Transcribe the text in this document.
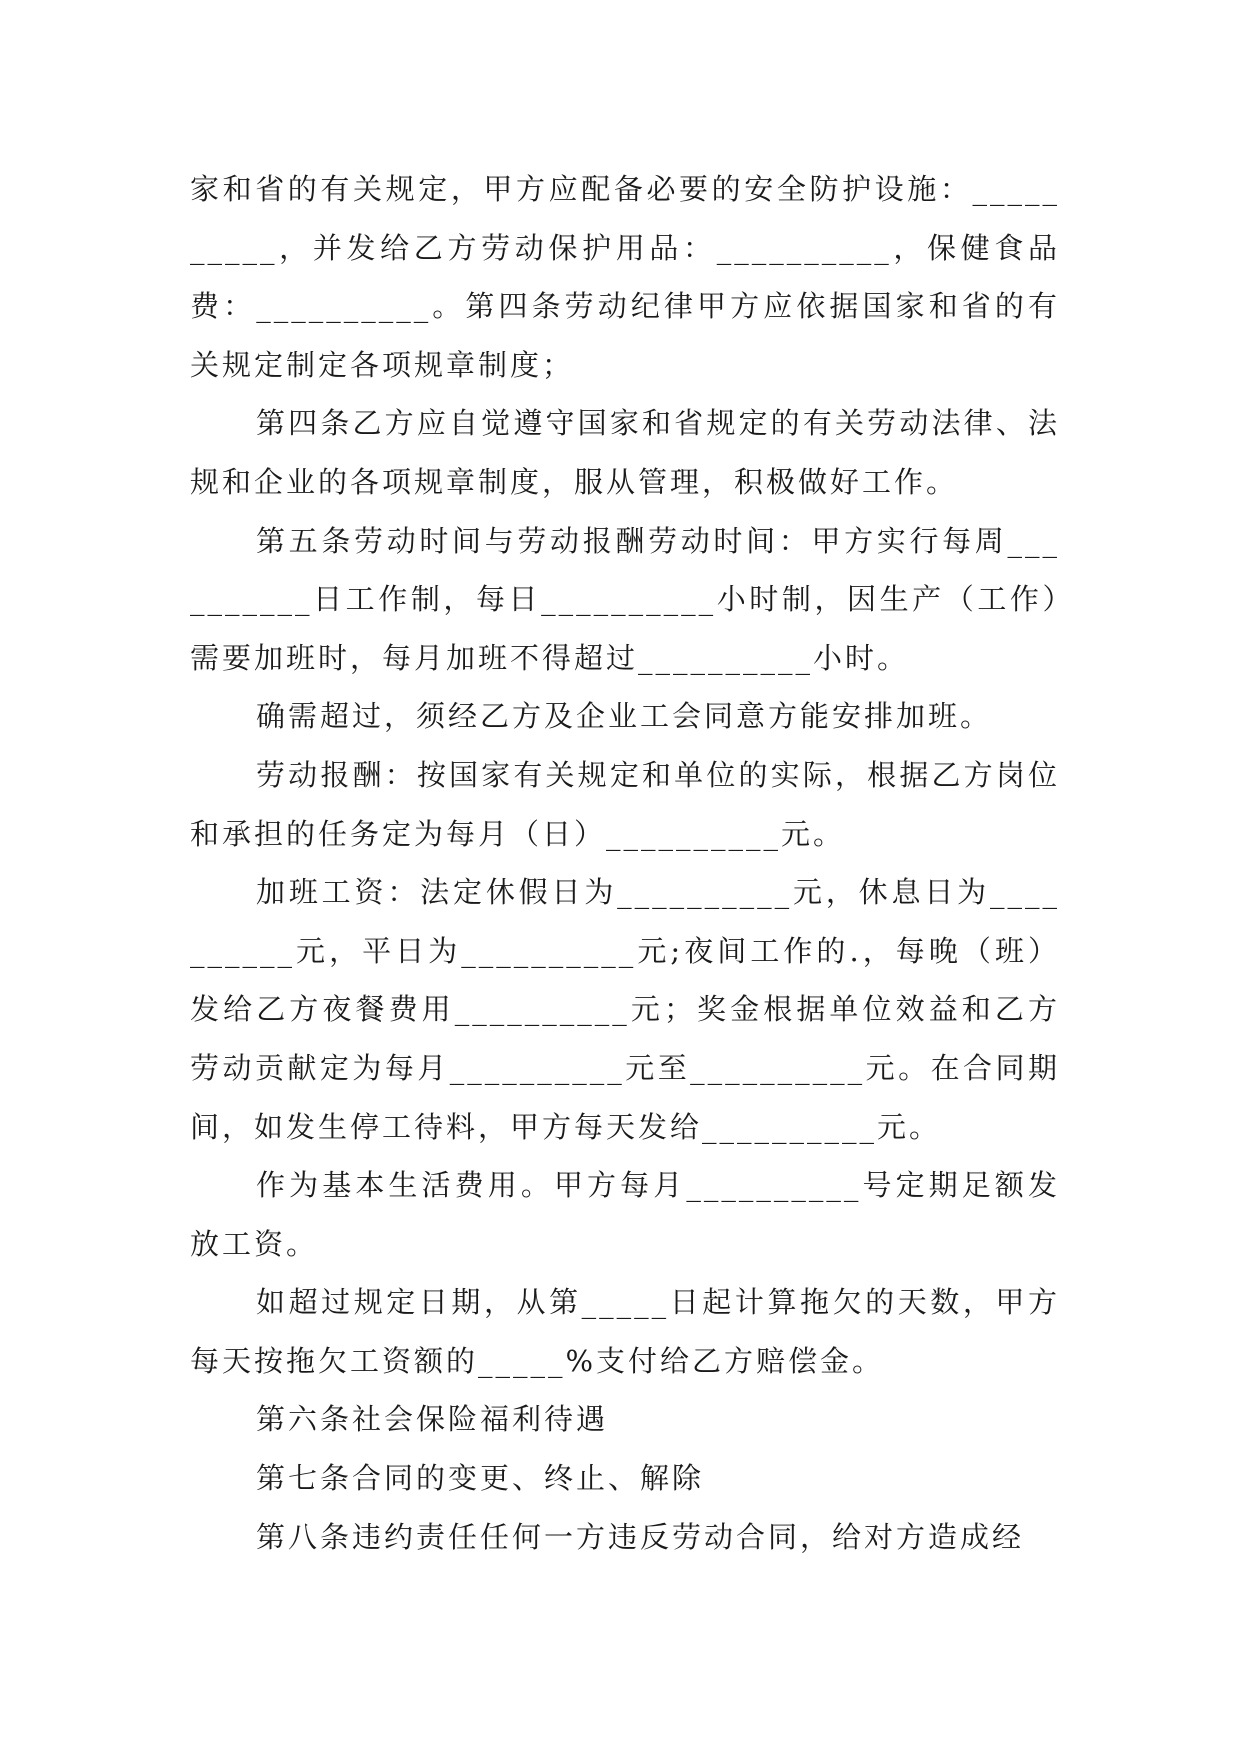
家和省的有关规定，甲方应配备必要的安全防护设施：__________，并发给乙方劳动保护用品：__________，保健食品费：__________。第四条劳动纪律甲方应依据国家和省的有关规定制定各项规章制度；

第四条乙方应自觉遵守国家和省规定的有关劳动法律、法规和企业的各项规章制度，服从管理，积极做好工作。

第五条劳动时间与劳动报酬劳动时间：甲方实行每周__________日工作制，每日__________小时制，因生产（工作）需要加班时，每月加班不得超过__________小时。

确需超过，须经乙方及企业工会同意方能安排加班。

劳动报酬：按国家有关规定和单位的实际，根据乙方岗位和承担的任务定为每月（日）__________元。

加班工资：法定休假日为__________元，休息日为__________元，平日为__________元;夜间工作的.，每晚（班）发给乙方夜餐费用__________元；奖金根据单位效益和乙方劳动贡献定为每月__________元至__________元。在合同期间，如发生停工待料，甲方每天发给__________元。

作为基本生活费用。甲方每月__________号定期足额发放工资。

如超过规定日期，从第_____日起计算拖欠的天数，甲方每天按拖欠工资额的_____%支付给乙方赔偿金。

第六条社会保险福利待遇

第七条合同的变更、终止、解除

第八条违约责任任何一方违反劳动合同，给对方造成经
